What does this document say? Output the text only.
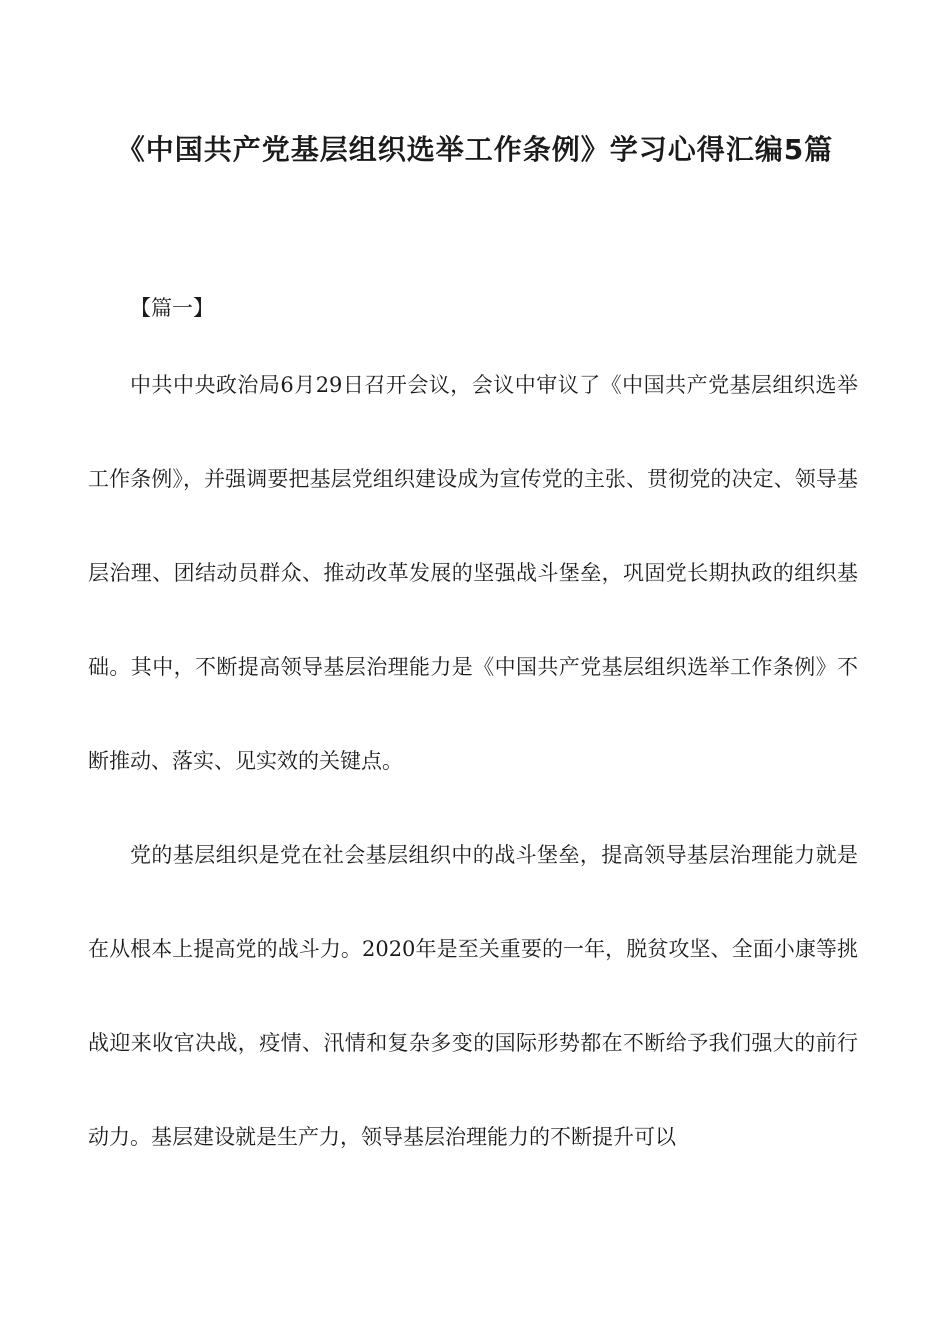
《中国共产党基层组织选举工作条例》学习心得汇编5篇

【篇一】

中共中央政治局6月29日召开会议，会议中审议了《中国共产党基层组织选举工作条例》，并强调要把基层党组织建设成为宣传党的主张、贯彻党的决定、领导基层治理、团结动员群众、推动改革发展的坚强战斗堡垒，巩固党长期执政的组织基础。其中，不断提高领导基层治理能力是《中国共产党基层组织选举工作条例》不断推动、落实、见实效的关键点。

党的基层组织是党在社会基层组织中的战斗堡垒，提高领导基层治理能力就是在从根本上提高党的战斗力。2020年是至关重要的一年，脱贫攻坚、全面小康等挑战迎来收官决战，疫情、汛情和复杂多变的国际形势都在不断给予我们强大的前行动力。基层建设就是生产力，领导基层治理能力的不断提升可以
